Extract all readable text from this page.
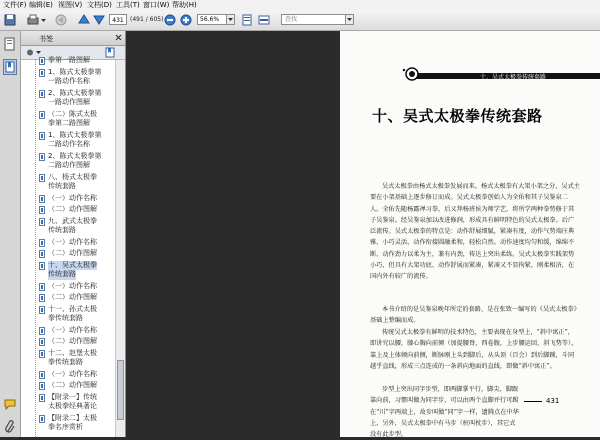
文件(F) 编辑(E) 视图(V) 文档(D) 工具(T) 窗口(W) 帮助(H)
431	(491 / 605)	56.6%	查找
书签
拳第一路图解
1、陈式太极拳第
一路动作名称
2、陈式太极拳第
一路动作图解
（二）陈式太极
拳第二路图解
1、陈式太极拳第
二路动作名称
2、陈式太极拳第
二路动作图解
八、杨式太极拳
传统套路
（一）动作名称
（二）动作图解
九、武式太极拳
传统套路
（一）动作名称
（二）动作图解
十、吴式太极拳
传统套路
（一）动作名称
（二）动作图解
十一、孙式太极
拳传统套路
（一）动作名称
（二）动作图解
十二、赵堡太极
拳传统套路
（一）动作名称
（二）动作图解
【附录一】传统
太极拳经典著论
【附录二】太极
拳名序赏析
十、吴式太极拳传统套路
十、吴式太极拳传统套路
吴式太极拳由杨式太极拳发展而来。杨式太极拳有大架小架之分，吴式主要在小架基础上逐步修订而成。吴式太极拳创始人为全佑和其子吴鉴泉二人。全佑先随杨露禅习拳，后又拜杨班侯为师学艺，将所学两种拳势修于其子吴鉴泉。经吴鉴泉加以改进修润，形成具有鲜明特色的吴式太极拳。后广泛流传。吴式太极拳的特点是：动作舒展细腻，紧凑有度，动作气势端庄典雅，小巧灵活，动作衔接圆融柔和，轻松自然。动作速度均匀和缓，绵绵不断，动作劲力以柔为主，兼有内劲，传达上突出柔练。吴式太极拳实践架势小巧，但具有大架功底、动作舒展而紧凑，紧凑又不显拘紧，刚柔相济，在国内外有较广的流传。
本书介绍的是吴鉴泉晚年所定的套路，是在张致一编写的《吴式太极拳》基础上整编而成。
传统吴式太极拳有鲜明的技术特色，主要表现在身型上，“斜中寓正”，即讲究以腰、膝心胸向前倾（加提腰脊，西卷腹，上步腰运回，斜飞势等），靠上及上体倾向前侧，断脉刚上头到脚后，从头顶（百会）到后脚踵，斗同越乎直线，形成三点连成的一条斜向地面的直线，即做“斜中寓正”。
步型上突出同字步型，即两脚掌平行，脚尖、脚跟靠向前，习惯叫做为同字步，可以由两个直脚并行可踢在“川”字两端上，故步叫做“同”字一样，遗腾点在中华上，另外，吴式太极拳中有马步（桩叫枕步），其它式没有此步型。
431
